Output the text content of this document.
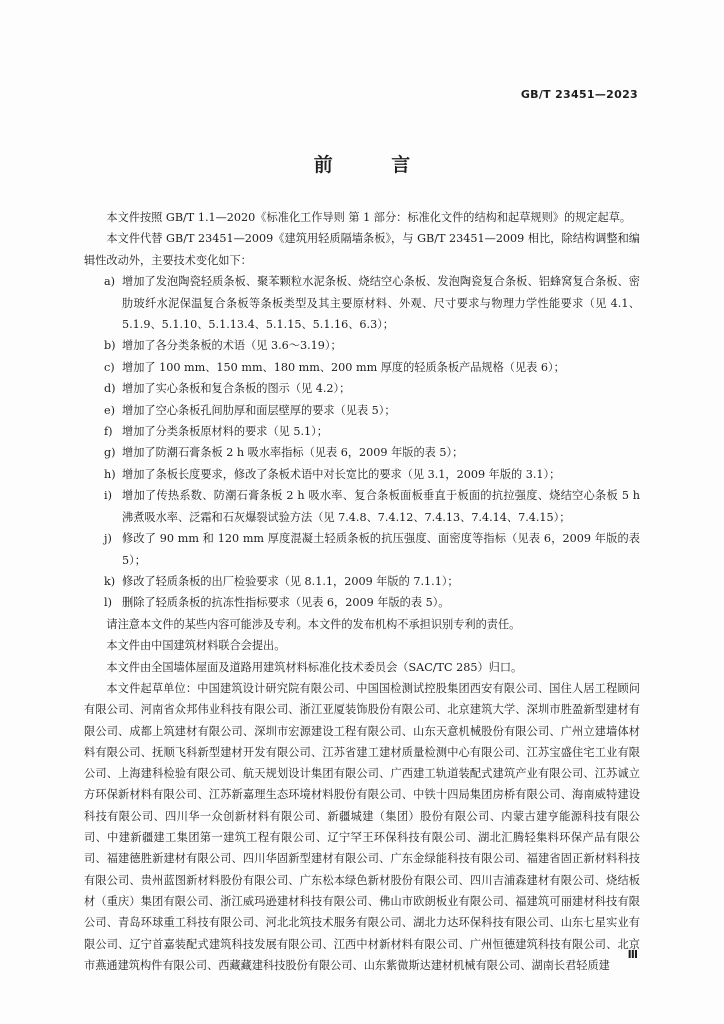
GB/T 23451—2023
前 言

本文件按照 GB/T 1.1—2020《标准化工作导则 第 1 部分：标准化文件的结构和起草规则》的规定起草。

本文件代替 GB/T 23451—2009《建筑用轻质隔墙条板》，与 GB/T 23451—2009 相比，除结构调整和编辑性改动外，主要技术变化如下：

a) 增加了发泡陶瓷轻质条板、聚苯颗粒水泥条板、烧结空心条板、发泡陶瓷复合条板、铝蜂窝复合条板、密肋玻纤水泥保温复合条板等条板类型及其主要原材料、外观、尺寸要求与物理力学性能要求（见 4.1、5.1.9、5.1.10、5.1.13.4、5.1.15、5.1.16、6.3）；

b) 增加了各分类条板的术语（见 3.6～3.19）；

c) 增加了 100 mm、150 mm、180 mm、200 mm 厚度的轻质条板产品规格（见表 6）；

d) 增加了实心条板和复合条板的图示（见 4.2）；

e) 增加了空心条板孔间肋厚和面层壁厚的要求（见表 5）；

f) 增加了分类条板原材料的要求（见 5.1）；

g) 增加了防潮石膏条板 2 h 吸水率指标（见表 6，2009 年版的表 5）；

h) 增加了条板长度要求，修改了条板术语中对长宽比的要求（见 3.1，2009 年版的 3.1）；

i) 增加了传热系数、防潮石膏条板 2 h 吸水率、复合条板面板垂直于板面的抗拉强度、烧结空心条板 5 h 沸煮吸水率、泛霜和石灰爆裂试验方法（见 7.4.8、7.4.12、7.4.13、7.4.14、7.4.15）；

j) 修改了 90 mm 和 120 mm 厚度混凝土轻质条板的抗压强度、面密度等指标（见表 6，2009 年版的表 5）；

k) 修改了轻质条板的出厂检验要求（见 8.1.1，2009 年版的 7.1.1）；

l) 删除了轻质条板的抗冻性指标要求（见表 6，2009 年版的表 5）。

请注意本文件的某些内容可能涉及专利。本文件的发布机构不承担识别专利的责任。

本文件由中国建筑材料联合会提出。

本文件由全国墙体屋面及道路用建筑材料标准化技术委员会（SAC/TC 285）归口。

本文件起草单位：中国建筑设计研究院有限公司、中国国检测试控股集团西安有限公司、国住人居工程顾问有限公司、河南省众邦伟业科技有限公司、浙江亚厦装饰股份有限公司、北京建筑大学、深圳市胜盈新型建材有限公司、成都上筑建材有限公司、深圳市宏源建设工程有限公司、山东天意机械股份有限公司、广州立建墙体材料有限公司、抚顺飞科新型建材开发有限公司、江苏省建工建材质量检测中心有限公司、江苏宝盛住宅工业有限公司、上海建科检验有限公司、航天规划设计集团有限公司、广西建工轨道装配式建筑产业有限公司、江苏诚立方环保新材料有限公司、江苏新嘉理生态环境材料股份有限公司、中铁十四局集团房桥有限公司、海南威特建设科技有限公司、四川华一众创新材料有限公司、新疆城建（集团）股份有限公司、内蒙古建亨能源科技有限公司、中建新疆建工集团第一建筑工程有限公司、辽宁罕王环保科技有限公司、湖北汇腾轻集料环保产品有限公司、福建德胜新建材有限公司、四川华固新型建材有限公司、广东金绿能科技有限公司、福建省固正新材料科技有限公司、贵州蓝图新材料股份有限公司、广东松本绿色新材股份有限公司、四川吉浦森建材有限公司、烧结板材（重庆）集团有限公司、浙江威玛逊建材科技有限公司、佛山市欧朗板业有限公司、福建筑可丽建材科技有限公司、青岛环球重工科技有限公司、河北北筑技术服务有限公司、湖北力达环保科技有限公司、山东七星实业有限公司、辽宁首嘉装配式建筑科技发展有限公司、江西中材新材料有限公司、广州恒德建筑科技有限公司、北京市燕通建筑构件有限公司、西藏藏建科技股份有限公司、山东紫微斯达建材机械有限公司、湖南长君轻质建

Ⅲ
